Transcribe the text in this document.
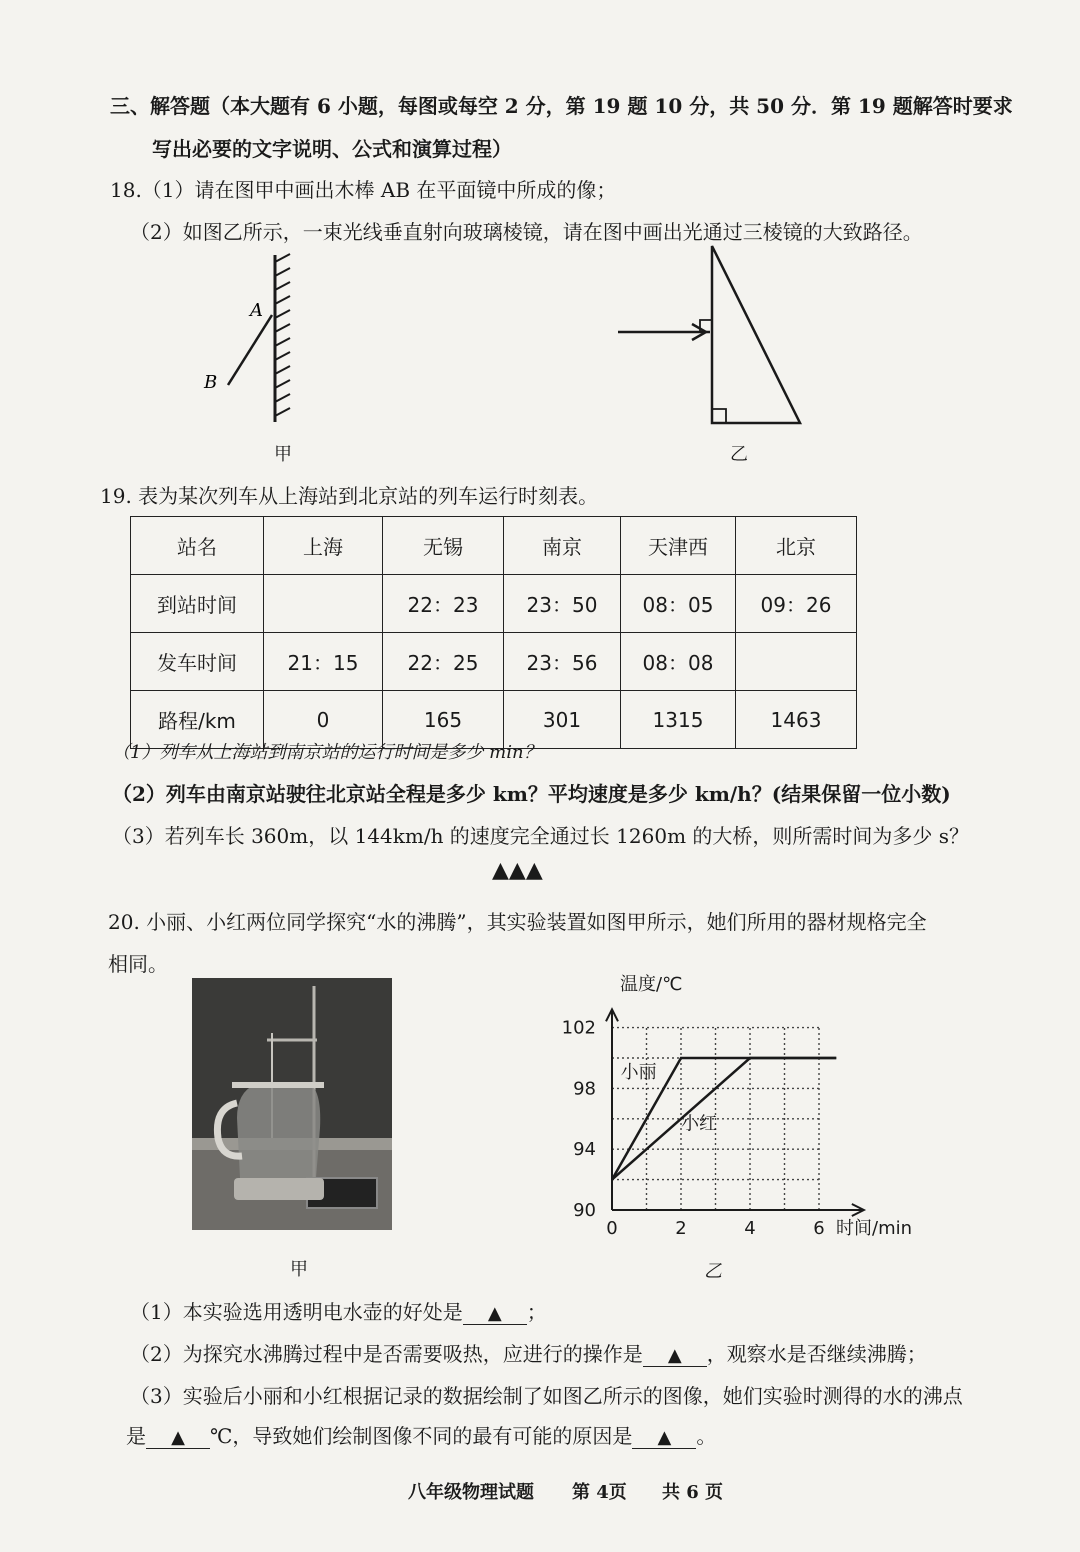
三、解答题（本大题有 6 小题，每图或每空 2 分，第 19 题 10 分，共 50 分．第 19 题解答时要求
写出必要的文字说明、公式和演算过程）
18.（1）请在图甲中画出木棒 AB 在平面镜中所成的像；
（2）如图乙所示，一束光线垂直射向玻璃棱镜，请在图中画出光通过三棱镜的大致路径。
A
B
甲	乙
19. 表为某次列车从上海站到北京站的列车运行时刻表。
站名	上海	无锡	南京	天津西	北京
到站时间		22：23	23：50	08：05	09：26
发车时间	21：15	22：25	23：56	08：08	
路程/km	0	165	301	1315	1463
（1）列车从上海站到南京站的运行时间是多少 min？
（2）列车由南京站驶往北京站全程是多少 km？平均速度是多少 km/h？(结果保留一位小数)
（3）若列车长 360m，以 144km/h 的速度完全通过长 1260m 的大桥，则所需时间为多少 s？
▲▲▲
20. 小丽、小红两位同学探究“水的沸腾”，其实验装置如图甲所示，她们所用的器材规格完全
相同。
甲
温度/℃
时间/min
0	2	4	6
90
94
98
102
小丽
小红
乙
（1）本实验选用透明电水壶的好处是 ▲ ；
（2）为探究水沸腾过程中是否需要吸热，应进行的操作是 ▲ ，观察水是否继续沸腾；
（3）实验后小丽和小红根据记录的数据绘制了如图乙所示的图像，她们实验时测得的水的沸点
是 ▲ ℃，导致她们绘制图像不同的最有可能的原因是 ▲ 。
八年级物理试题 第 4页 共 6 页
